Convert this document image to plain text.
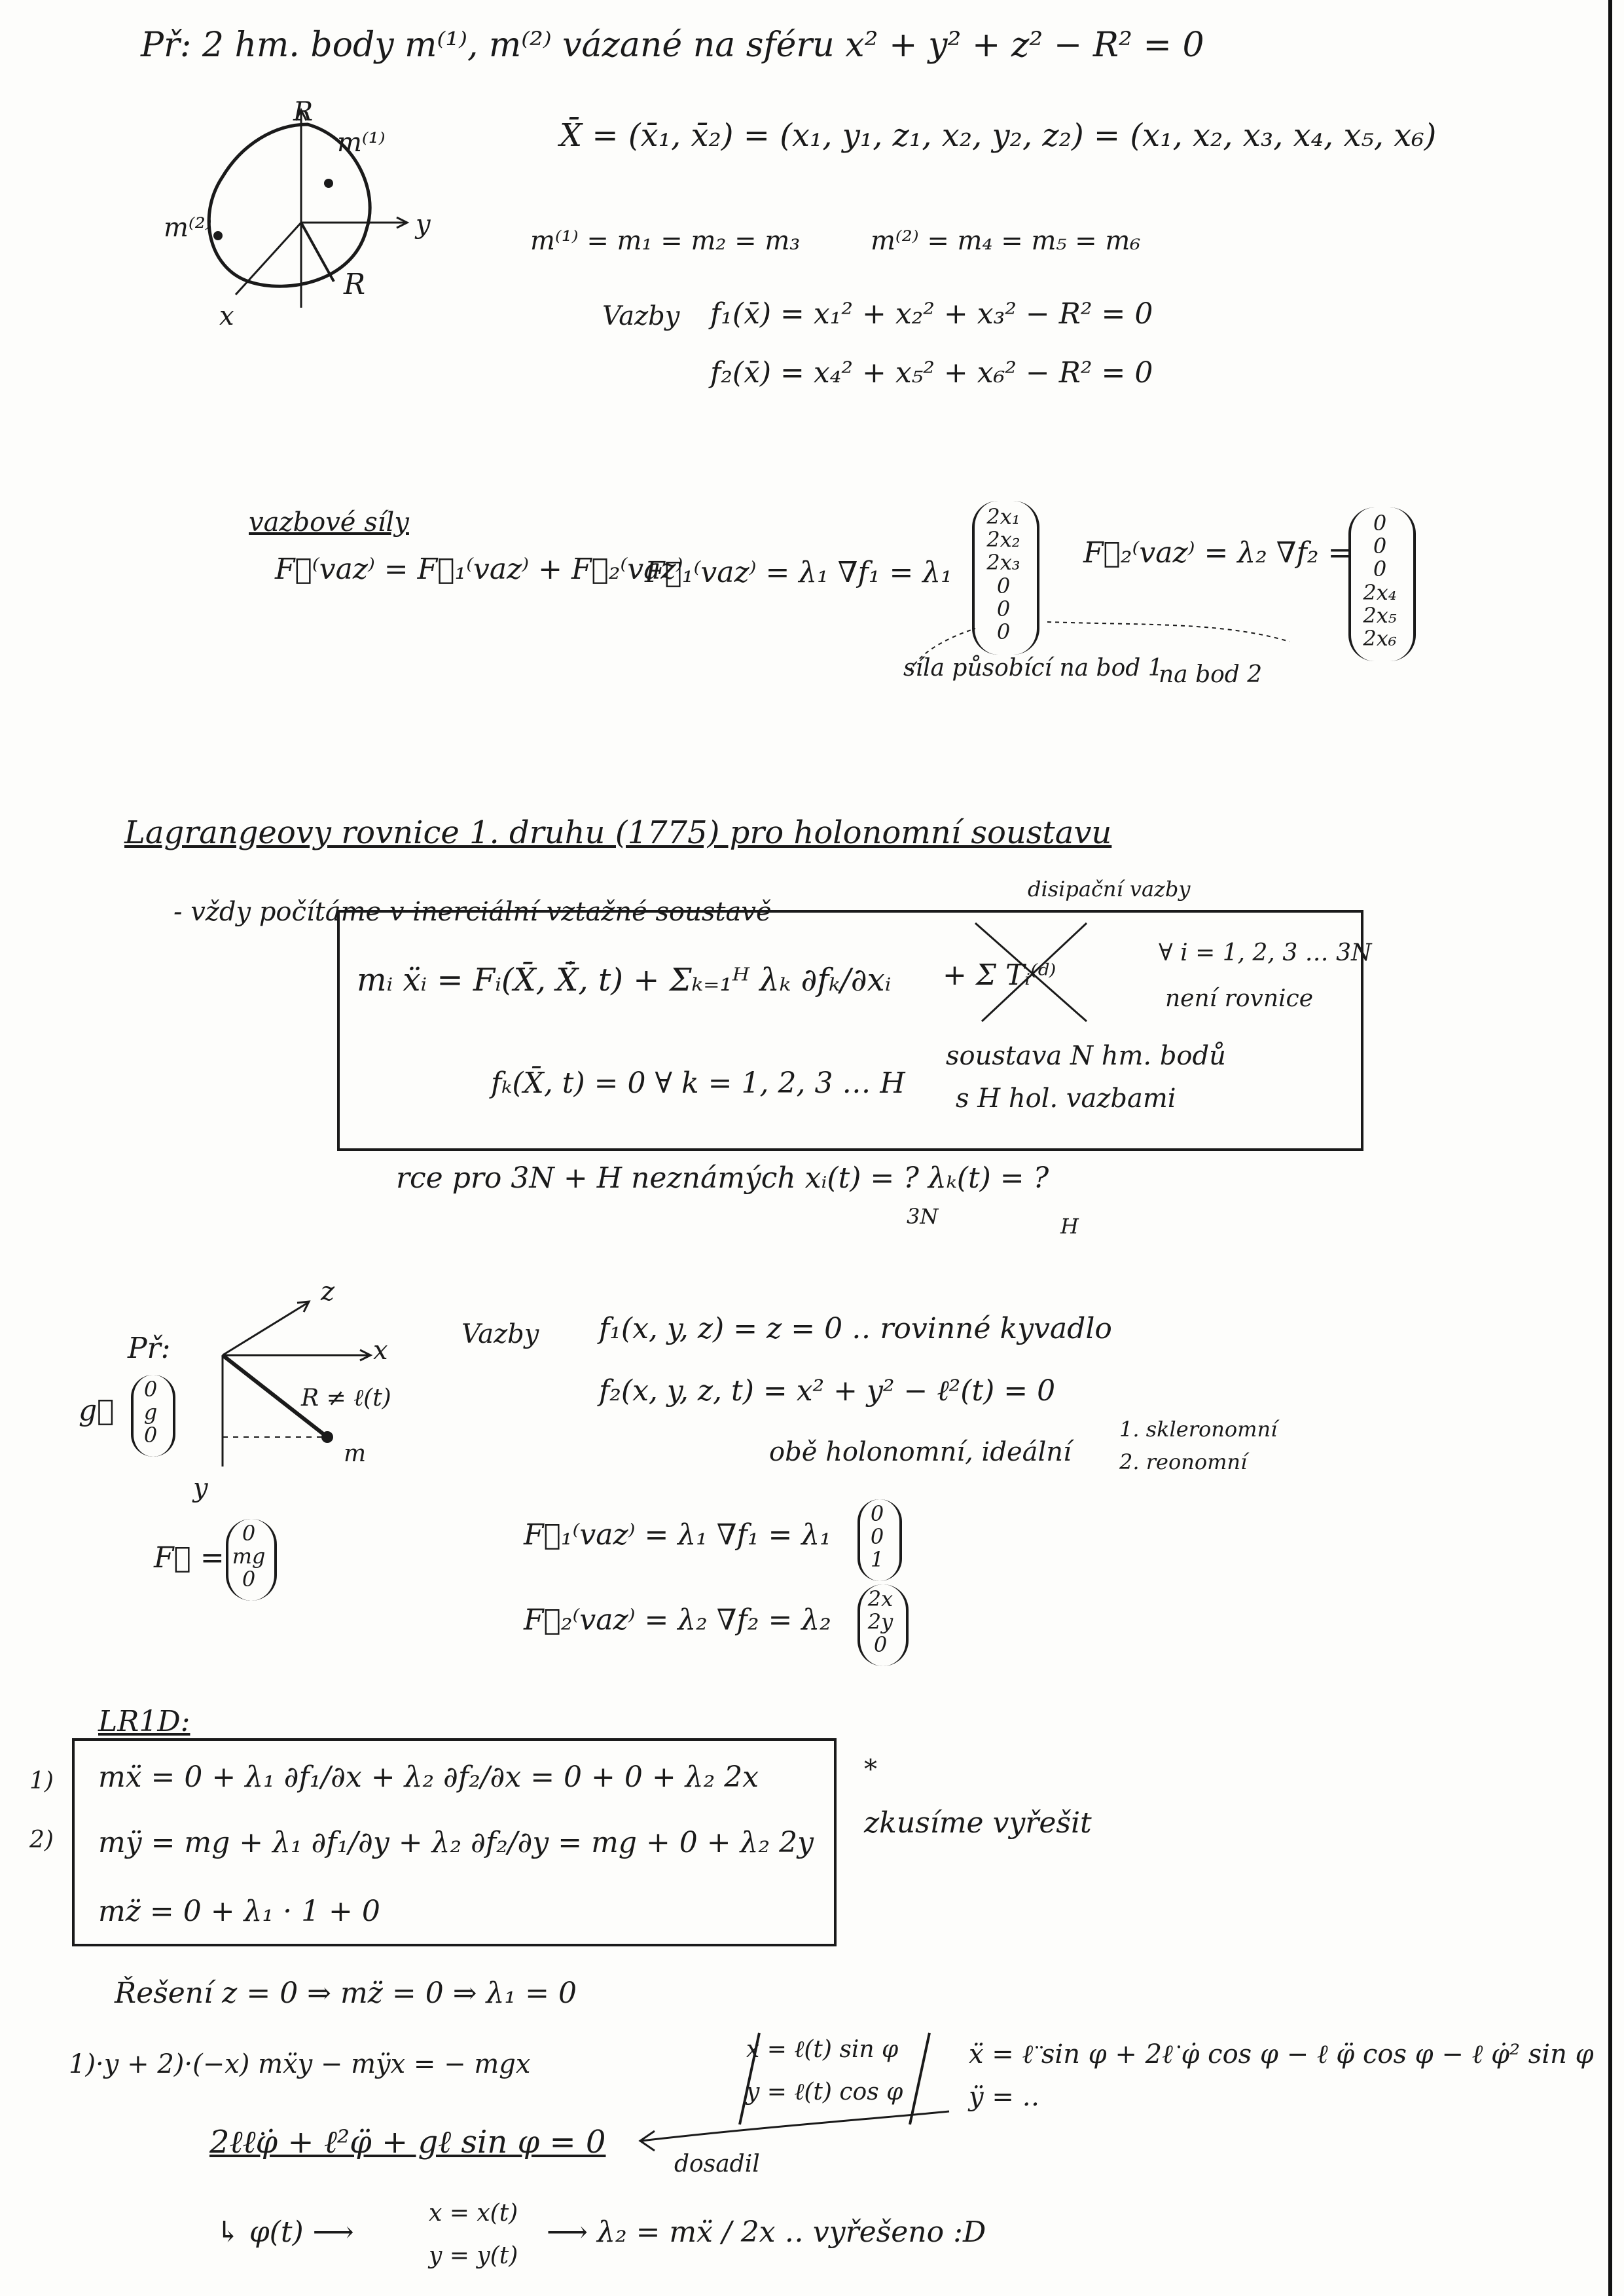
Př: 2 hm. body m⁽¹⁾, m⁽²⁾ vázané na sféru x² + y² + z² − R² = 0
R
m⁽¹⁾
m⁽²⁾	y
x
R
X̄ = (x̄₁, x̄₂) = (x₁, y₁, z₁, x₂, y₂, z₂) = (x₁, x₂, x₃, x₄, x₅, x₆)
m⁽¹⁾ = m₁ = m₂ = m₃	m⁽²⁾ = m₄ = m₅ = m₆
Vazby f₁(x̄) = x₁² + x₂² + x₃² − R² = 0
f₂(x̄) = x₄² + x₅² + x₆² − R² = 0
vazbové síly
F⃗⁽vaz⁾ = F⃗₁⁽vaz⁾ + F⃗₂⁽vaz⁾
F⃗₁⁽vaz⁾ = λ₁ ∇f₁ = λ₁
2x₁
2x₂
2x₃
0
0
0
F⃗₂⁽vaz⁾ = λ₂ ∇f₂ =
0
0
0
2x₄
2x₅
2x₆
síla působící na bod 1
na bod 2
Lagrangeovy rovnice 1. druhu (1775) pro holonomní soustavu
- vždy počítáme v inerciální vztažné soustavě
disipační vazby
mᵢ ẍᵢ = Fᵢ(X̄, X̄̇, t) + Σₖ₌₁ᴴ λₖ ∂fₖ/∂xᵢ + Σ Tᵢ⁽ᵈ⁾
∀ i = 1, 2, 3 … 3N
není rovnice
fₖ(X̄, t) = 0 ∀ k = 1, 2, 3 … H
soustava N hm. bodů
s H hol. vazbami
rce pro 3N + H neznámých xᵢ(t) = ? λₖ(t) = ?
3N	H
Př:
g⃗
0
g
0
z
x
y
R ≠ ℓ(t)
m
F⃗ =
0
mg
0
Vazby f₁(x, y, z) = z = 0 ‥ rovinné kyvadlo
f₂(x, y, z, t) = x² + y² − ℓ²(t) = 0
obě holonomní, ideální
1. skleronomní
2. reonomní
F⃗₁⁽vaz⁾ = λ₁ ∇f₁ = λ₁
0
0
1
F⃗₂⁽vaz⁾ = λ₂ ∇f₂ = λ₂
2x
2y
0
LR1D:
1)
2)
mẍ = 0 + λ₁ ∂f₁/∂x + λ₂ ∂f₂/∂x = 0 + 0 + λ₂ 2x
mÿ = mg + λ₁ ∂f₁/∂y + λ₂ ∂f₂/∂y = mg + 0 + λ₂ 2y
mz̈ = 0 + λ₁ · 1 + 0
*
zkusíme vyřešit
Řešení z = 0 ⇒ mz̈ = 0 ⇒ λ₁ = 0
1)·y + 2)·(−x) mẍy − mÿx = − mgx	x = ℓ(t) sin φ
y = ℓ(t) cos φ
ẍ = ℓ̈ sin φ + 2ℓ̇ φ̇ cos φ − ℓ φ̈ cos φ − ℓ φ̇² sin φ
ÿ = ‥
2ℓℓ̇φ̇ + ℓ²φ̈ + gℓ sin φ = 0
dosadil
↳ φ(t) ⟶
x = x(t)
y = y(t)
⟶ λ₂ = mẍ / 2x ‥ vyřešeno :D
